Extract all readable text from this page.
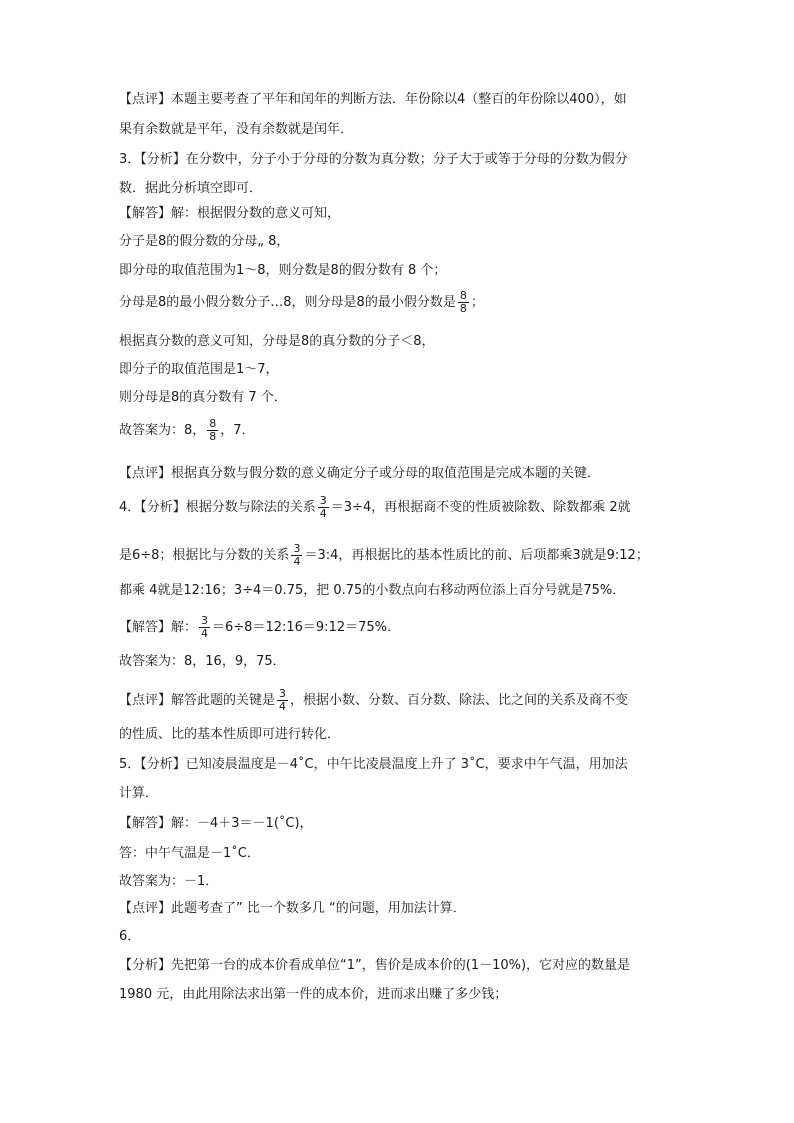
【点评】本题主要考查了平年和闰年的判断方法．年份除以4（整百的年份除以400），如
果有余数就是平年，没有余数就是闰年．
3．【分析】在分数中，分子小于分母的分数为真分数；分子大于或等于分母的分数为假分
数．据此分析填空即可．
【解答】解：根据假分数的意义可知，
分子是8的假分数的分母„ 8，
即分母的取值范围为1～8，则分数是8的假分数有 8 个；
分母是8的最小假分数分子…8，则分母是8的最小假分数是 $\frac{8}{8}$ ；
根据真分数的意义可知，分母是8的真分数的分子＜8，
即分子的取值范围是1～7，
则分母是8的真分数有 7 个．
故答案为：8， $\frac{8}{8}$ ，7．
【点评】根据真分数与假分数的意义确定分子或分母的取值范围是完成本题的关键．
4．【分析】根据分数与除法的关系 $\frac{3}{4} =3\div 4$，再根据商不变的性质被除数、除数都乘 2就
是6÷8；根据比与分数的关系 $\frac{3}{4}$ ＝3:4，再根据比的基本性质比的前、后项都乘3就是9:12；
都乘 4就是12:16；3÷4＝0.75，把 0.75的小数点向右移动两位添上百分号就是75%．
【解答】解： $\frac{3}{4}$ ＝6÷8＝12:16＝9:12＝75%．
故答案为：8，16，9，75．
【点评】解答此题的关键是 $\frac{3}{4}$ ，根据小数、分数、百分数、除法、比之间的关系及商不变
的性质、比的基本性质即可进行转化．
5．【分析】已知凌晨温度是－4˚C，中午比凌晨温度上升了 3˚C，要求中午气温，用加法
计算．
【解答】解：－4＋3＝－1(˚C)，
答：中午气温是－1˚C．
故答案为：－1．
【点评】此题考查了” 比一个数多几 “的问题，用加法计算．
6．
【分析】先把第一台的成本价看成单位“1”，售价是成本价的(1－10%)，它对应的数量是
1980 元，由此用除法求出第一件的成本价，进而求出赚了多少钱；
